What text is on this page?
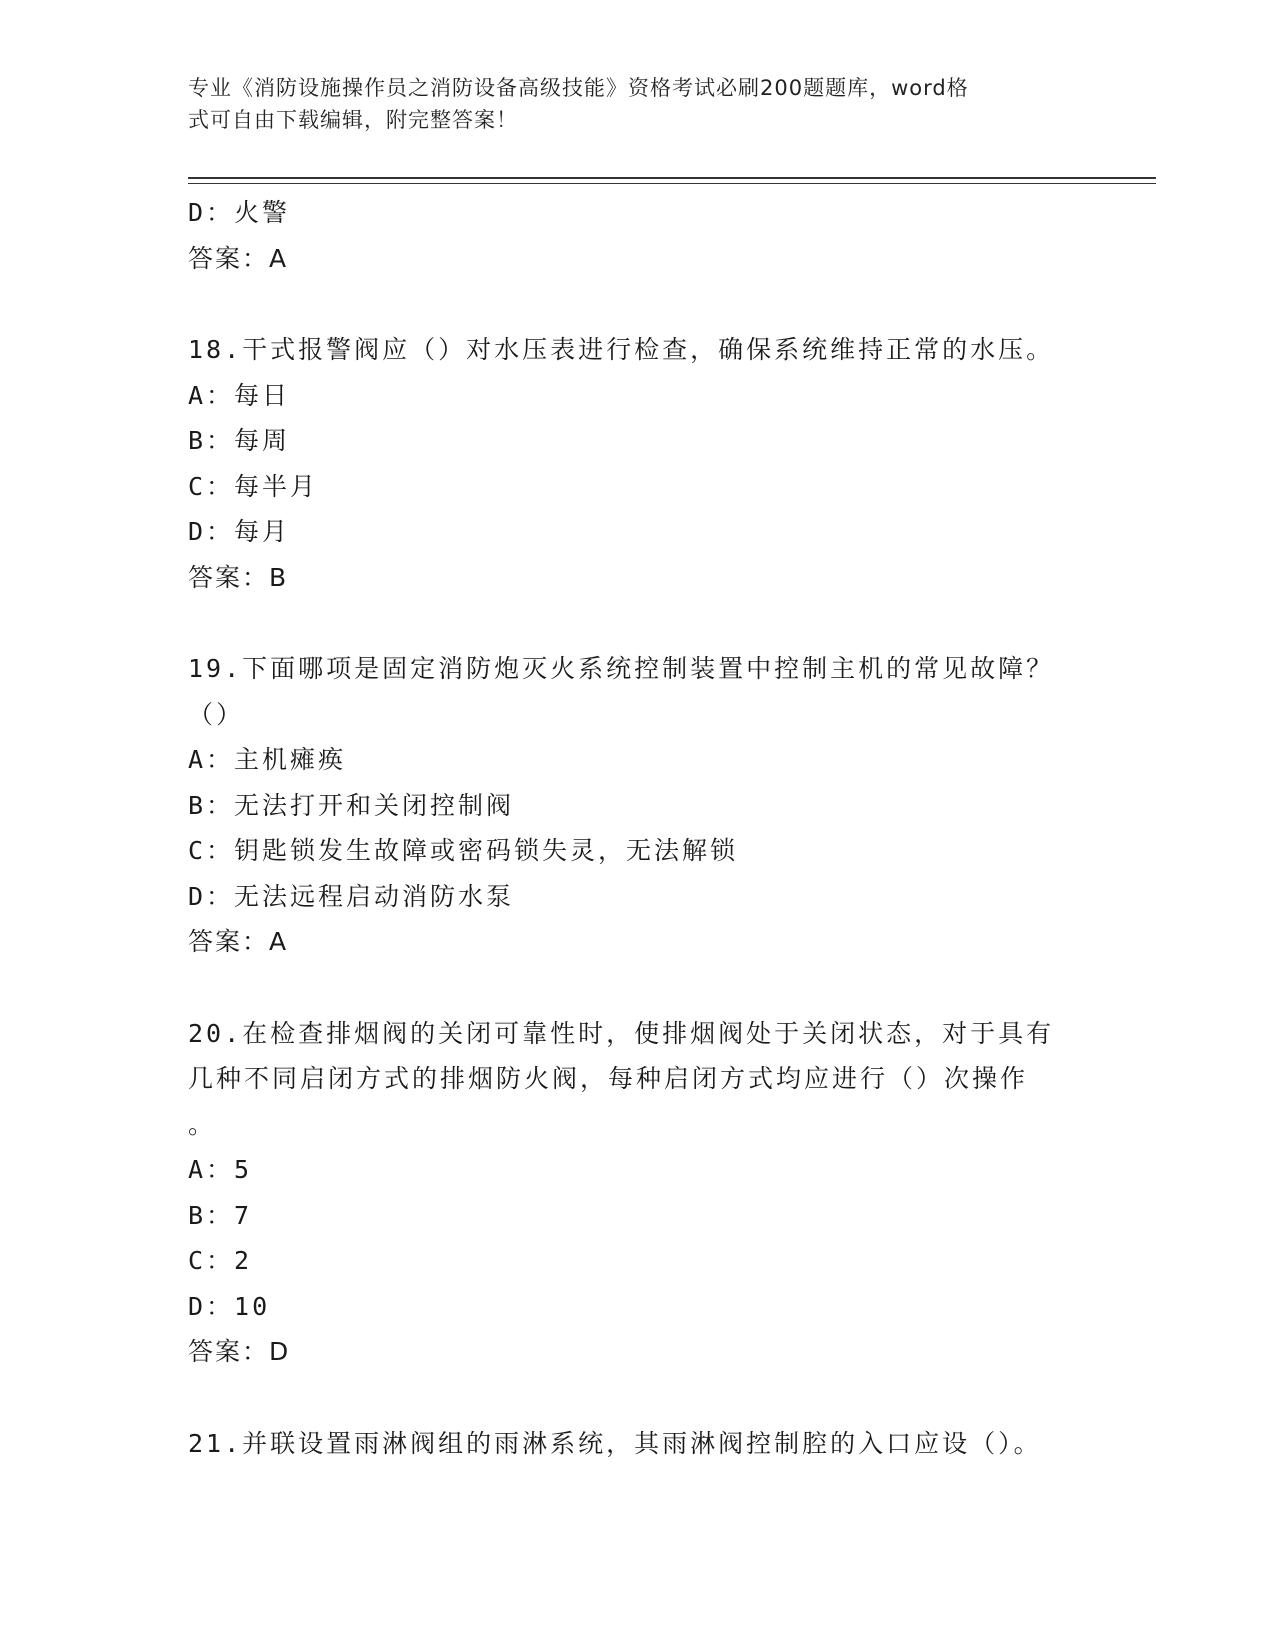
专业《消防设施操作员之消防设备高级技能》资格考试必刷200题题库，word格
式可自由下载编辑，附完整答案！
D：火警
答案：A
18.干式报警阀应（）对水压表进行检查，确保系统维持正常的水压。
A：每日
B：每周
C：每半月
D：每月
答案：B
19.下面哪项是固定消防炮灭火系统控制装置中控制主机的常见故障？
（）
A：主机瘫痪
B：无法打开和关闭控制阀
C：钥匙锁发生故障或密码锁失灵，无法解锁
D：无法远程启动消防水泵
答案：A
20.在检查排烟阀的关闭可靠性时，使排烟阀处于关闭状态，对于具有
几种不同启闭方式的排烟防火阀，每种启闭方式均应进行（）次操作
。
A：5
B：7
C：2
D：10
答案：D
21.并联设置雨淋阀组的雨淋系统，其雨淋阀控制腔的入口应设（）。
